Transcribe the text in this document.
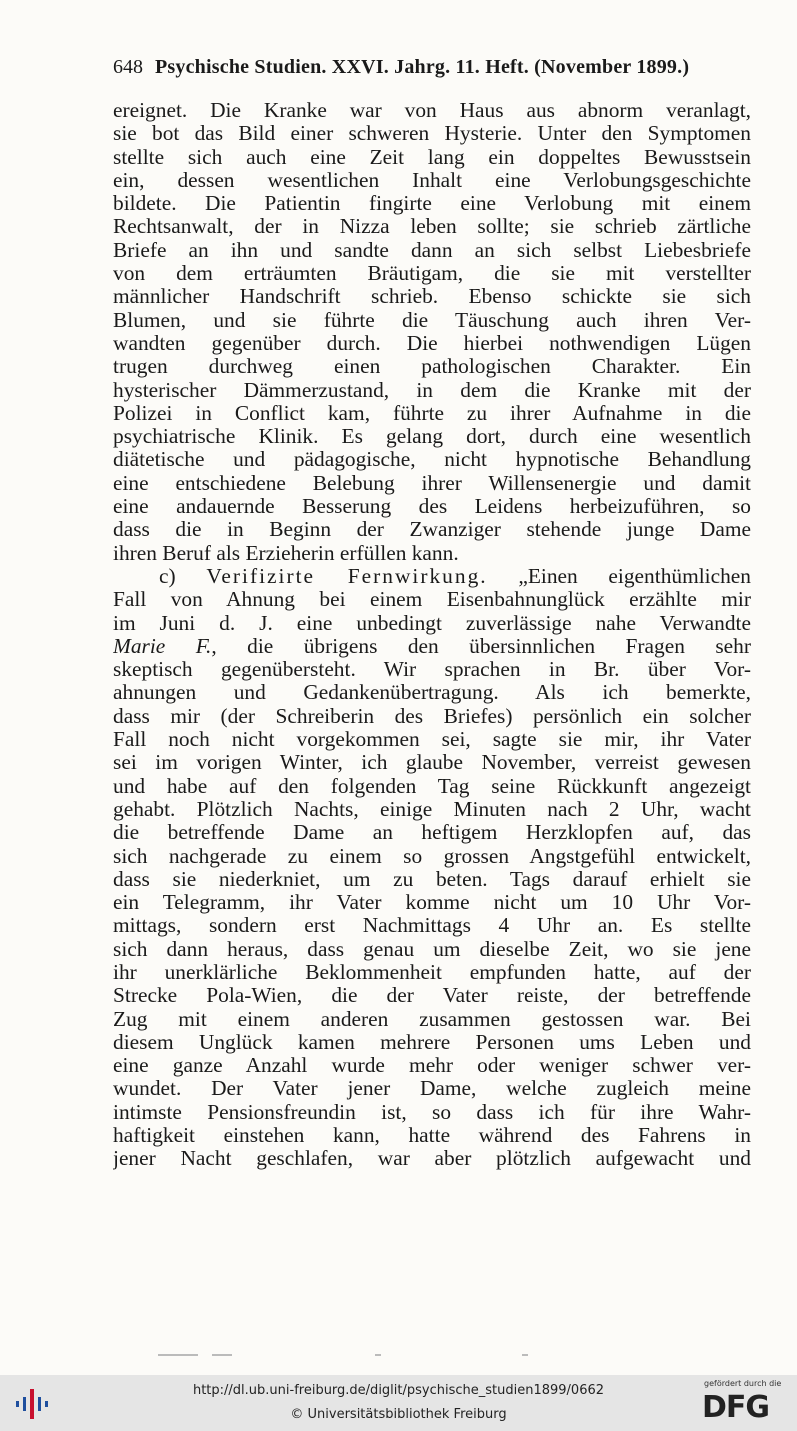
648 Psychische Studien. XXVI. Jahrg. 11. Heft. (November 1899.)
ereignet. Die Kranke war von Haus aus abnorm veranlagt,
sie bot das Bild einer schweren Hysterie. Unter den Symptomen
stellte sich auch eine Zeit lang ein doppeltes Bewusstsein
ein, dessen wesentlichen Inhalt eine Verlobungsgeschichte
bildete. Die Patientin fingirte eine Verlobung mit einem
Rechtsanwalt, der in Nizza leben sollte; sie schrieb zärtliche
Briefe an ihn und sandte dann an sich selbst Liebesbriefe
von dem erträumten Bräutigam, die sie mit verstellter
männlicher Handschrift schrieb. Ebenso schickte sie sich
Blumen, und sie führte die Täuschung auch ihren Ver-
wandten gegenüber durch. Die hierbei nothwendigen Lügen
trugen durchweg einen pathologischen Charakter. Ein
hysterischer Dämmerzustand, in dem die Kranke mit der
Polizei in Conflict kam, führte zu ihrer Aufnahme in die
psychiatrische Klinik. Es gelang dort, durch eine wesentlich
diätetische und pädagogische, nicht hypnotische Behandlung
eine entschiedene Belebung ihrer Willensenergie und damit
eine andauernde Besserung des Leidens herbeizuführen, so
dass die in Beginn der Zwanziger stehende junge Dame
ihren Beruf als Erzieherin erfüllen kann.
c) Verifizirte Fernwirkung. „Einen eigenthümlichen
Fall von Ahnung bei einem Eisenbahnunglück erzählte mir
im Juni d. J. eine unbedingt zuverlässige nahe Verwandte
Marie F., die übrigens den übersinnlichen Fragen sehr
skeptisch gegenübersteht. Wir sprachen in Br. über Vor-
ahnungen und Gedankenübertragung. Als ich bemerkte,
dass mir (der Schreiberin des Briefes) persönlich ein solcher
Fall noch nicht vorgekommen sei, sagte sie mir, ihr Vater
sei im vorigen Winter, ich glaube November, verreist gewesen
und habe auf den folgenden Tag seine Rückkunft angezeigt
gehabt. Plötzlich Nachts, einige Minuten nach 2 Uhr, wacht
die betreffende Dame an heftigem Herzklopfen auf, das
sich nachgerade zu einem so grossen Angstgefühl entwickelt,
dass sie niederkniet, um zu beten. Tags darauf erhielt sie
ein Telegramm, ihr Vater komme nicht um 10 Uhr Vor-
mittags, sondern erst Nachmittags 4 Uhr an. Es stellte
sich dann heraus, dass genau um dieselbe Zeit, wo sie jene
ihr unerklärliche Beklommenheit empfunden hatte, auf der
Strecke Pola-Wien, die der Vater reiste, der betreffende
Zug mit einem anderen zusammen gestossen war. Bei
diesem Unglück kamen mehrere Personen ums Leben und
eine ganze Anzahl wurde mehr oder weniger schwer ver-
wundet. Der Vater jener Dame, welche zugleich meine
intimste Pensionsfreundin ist, so dass ich für ihre Wahr-
haftigkeit einstehen kann, hatte während des Fahrens in
jener Nacht geschlafen, war aber plötzlich aufgewacht und
http://dl.ub.uni-freiburg.de/diglit/psychische_studien1899/0662
© Universitätsbibliothek Freiburg
gefördert durch die
DFG
